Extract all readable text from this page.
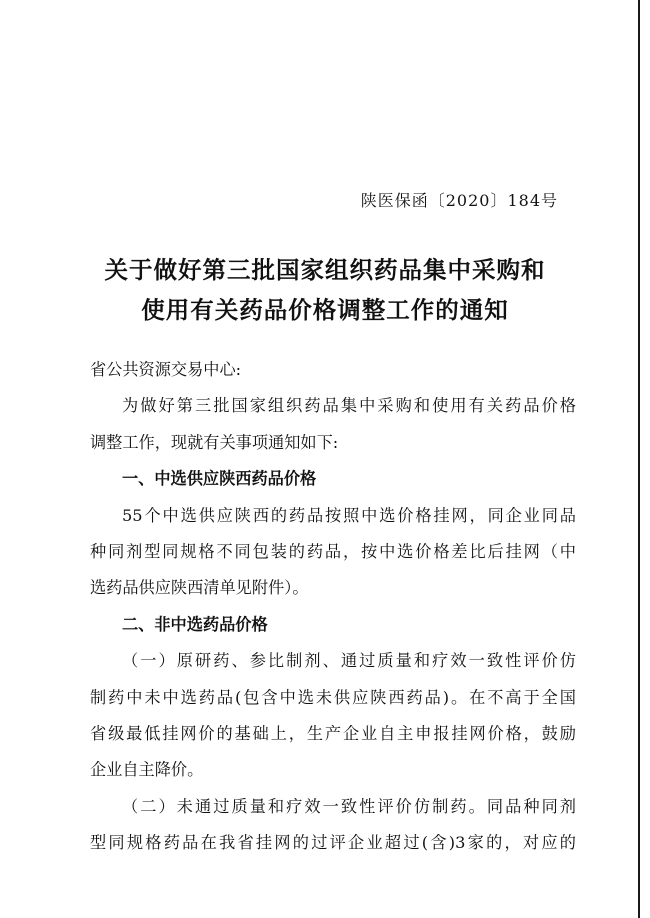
陕医保函〔2020〕184号
关于做好第三批国家组织药品集中采购和
使用有关药品价格调整工作的通知

省公共资源交易中心:

为做好第三批国家组织药品集中采购和使用有关药品价格
调整工作，现就有关事项通知如下:

一、中选供应陕西药品价格

55个中选供应陕西的药品按照中选价格挂网，同企业同品
种同剂型同规格不同包装的药品，按中选价格差比后挂网（中
选药品供应陕西清单见附件）。

二、非中选药品价格

（一）原研药、参比制剂、通过质量和疗效一致性评价仿
制药中未中选药品(包含中选未供应陕西药品)。在不高于全国
省级最低挂网价的基础上，生产企业自主申报挂网价格，鼓励
企业自主降价。

（二）未通过质量和疗效一致性评价仿制药。同品种同剂
型同规格药品在我省挂网的过评企业超过(含)3家的，对应的
